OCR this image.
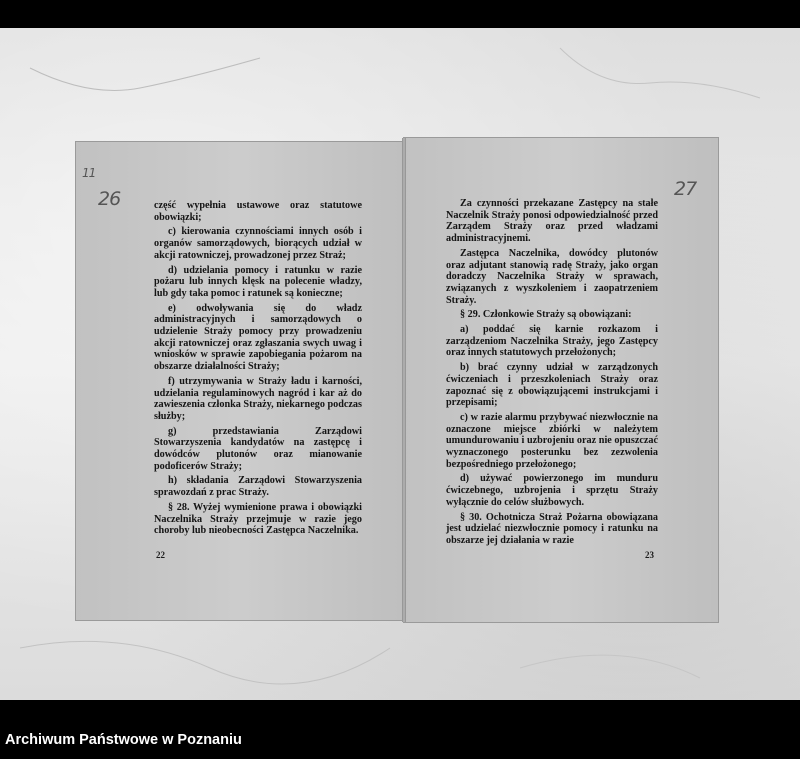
11
26	część wypełnia ustawowe oraz statutowe obowiązki;

c) kierowania czynnościami innych osób i organów samorządowych, biorących udział w akcji ratowniczej, prowadzonej przez Straż;

d) udzielania pomocy i ratunku w razie pożaru lub innych klęsk na polecenie władzy, lub gdy taka pomoc i ratunek są konieczne;

e) odwoływania się do władz administracyjnych i samorządowych o udzielenie Straży pomocy przy prowadzeniu akcji ratowniczej oraz zgłaszania swych uwag i wniosków w sprawie zapobiegania pożarom na obszarze działalności Straży;

f) utrzymywania w Straży ładu i karności, udzielania regulaminowych nagród i kar aż do zawieszenia członka Straży, niekarnego podczas służby;

g) przedstawiania Zarządowi Stowarzyszenia kandydatów na zastępcę i dowódców plutonów oraz mianowanie podoficerów Straży;

h) składania Zarządowi Stowarzyszenia sprawozdań z prac Straży.

§ 28. Wyżej wymienione prawa i obowiązki Naczelnika Straży przejmuje w razie jego choroby lub nieobecności Zastępca Naczelnika.

22
27

Za czynności przekazane Zastępcy na stałe Naczelnik Straży ponosi odpowiedzialność przed Zarządem Straży oraz przed władzami administracyjnemi.

Zastępca Naczelnika, dowódcy plutonów oraz adjutant stanowią radę Straży, jako organ doradczy Naczelnika Straży w sprawach, związanych z wyszkoleniem i zaopatrzeniem Straży.

§ 29. Członkowie Straży są obowiązani:

a) poddać się karnie rozkazom i zarządzeniom Naczelnika Straży, jego Zastępcy oraz innych statutowych przełożonych;

b) brać czynny udział w zarządzonych ćwiczeniach i przeszkoleniach Straży oraz zapoznać się z obowiązującemi instrukcjami i przepisami;

c) w razie alarmu przybywać niezwłocznie na oznaczone miejsce zbiórki w należytem umundurowaniu i uzbrojeniu oraz nie opuszczać wyznaczonego posterunku bez zezwolenia bezpośredniego przełożonego;

d) używać powierzonego im munduru ćwiczebnego, uzbrojenia i sprzętu Straży wyłącznie do celów służbowych.

§ 30. Ochotnicza Straż Pożarna obowiązana jest udzielać niezwłocznie pomocy i ratunku na obszarze jej działania w razie

23
Archiwum Państwowe w Poznaniu
